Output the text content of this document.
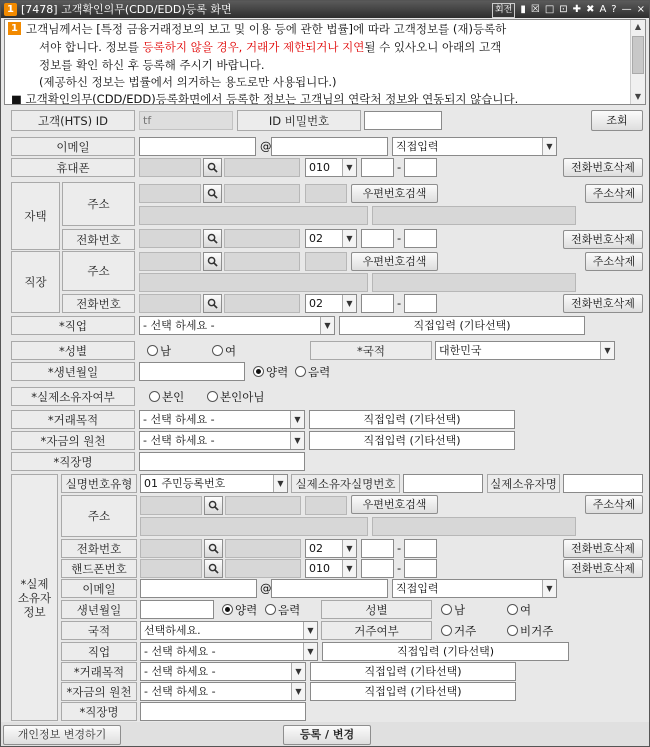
1 [7478] 고객확인의무(CDD/EDD)등록 화면	회전 ▮ ☒ □ ⊡ ✚ ✖ A ? — ×
1 고객님께서는 [특정 금융거래정보의 보고 및 이용 등에 관한 법률]에 따라 고객정보를 (재)등록하
셔야 합니다. 정보를 등록하지 않을 경우, 거래가 제한되거나 지연될 수 있사오니 아래의 고객
정보를 확인 하신 후 등록해 주시기 바랍니다.
(제공하신 정보는 법률에서 의거하는 용도로만 사용됩니다.)
■ 고객확인의무(CDD/EDD)등록화면에서 등록한 정보는 고객님의 연락처 정보와 연동되지 않습니다.
▲
▼
고객(HTS) ID	tf	ID 비밀번호	조회
이메일	@	직접입력	▼
휴대폰	010	▼	-	전화번호삭제
자택
주소
우편번호검색	주소삭제
전화번호	02	▼	-	전화번호삭제
직장
주소
우편번호검색	주소삭제
전화번호	02	▼	-	전화번호삭제
*직업	- 선택 하세요 -	▼	직접입력 (기타선택)
*성별	남	여	*국적	대한민국	▼
*생년월일	양력 음력
*실제소유자여부	본인	본인아님
*거래목적	- 선택 하세요 -	▼	직접입력 (기타선택)
*자금의 원천	- 선택 하세요 -	▼	직접입력 (기타선택)
*직장명
*실제
소유자
정보
실명번호유형	01 주민등록번호	▼	실제소유자실명번호	실제소유자명
주소
우편번호검색	주소삭제
전화번호	02	▼	-	전화번호삭제
핸드폰번호	010	▼	-	전화번호삭제
이메일	@	직접입력	▼
생년월일	양력 음력	성별	남	여
국적	선택하세요.	▼	거주여부	거주	비거주
직업	- 선택 하세요 -	▼	직접입력 (기타선택)
*거래목적	- 선택 하세요 -	▼	직접입력 (기타선택)
*자금의 원천	- 선택 하세요 -	▼	직접입력 (기타선택)
*직장명
개인정보 변경하기	등록 / 변경
